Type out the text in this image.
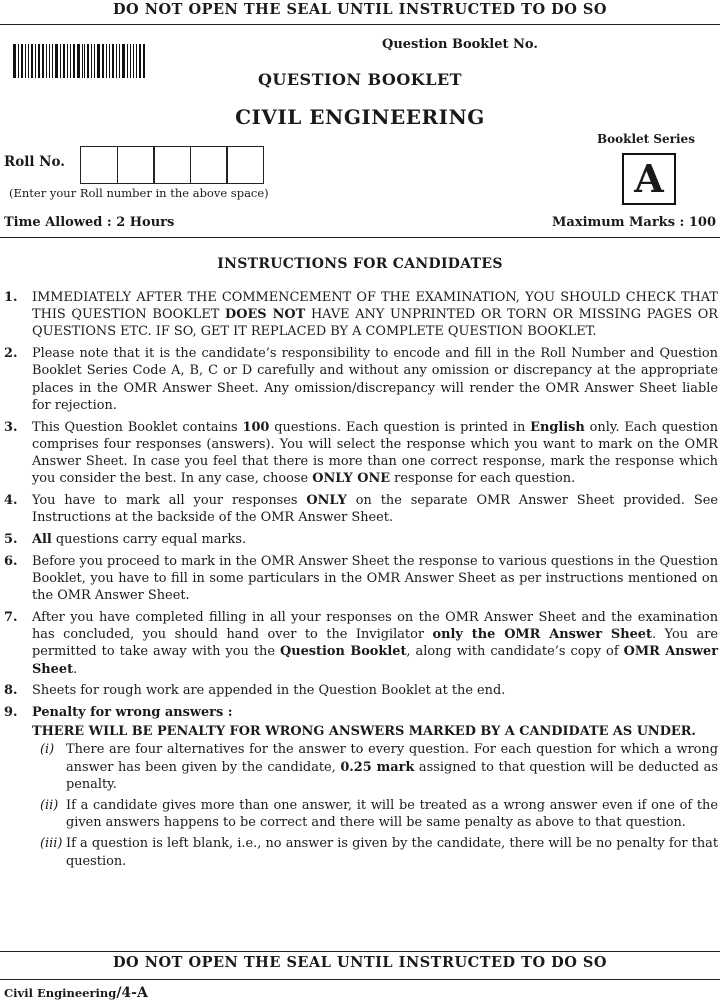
DO NOT OPEN THE SEAL UNTIL INSTRUCTED TO DO SO
Question Booklet No.
QUESTION BOOKLET
CIVIL ENGINEERING
Booklet Series
A
Roll No.
(Enter your Roll number in the above space)
Time Allowed : 2 Hours	Maximum Marks : 100
INSTRUCTIONS FOR CANDIDATES
1. IMMEDIATELY AFTER THE COMMENCEMENT OF THE EXAMINATION, YOU SHOULD CHECK THAT THIS QUESTION BOOKLET DOES NOT HAVE ANY UNPRINTED OR TORN OR MISSING PAGES OR QUESTIONS ETC. IF SO, GET IT REPLACED BY A COMPLETE QUESTION BOOKLET.
2. Please note that it is the candidate’s responsibility to encode and fill in the Roll Number and Question Booklet Series Code A, B, C or D carefully and without any omission or discrepancy at the appropriate places in the OMR Answer Sheet. Any omission/discrepancy will render the OMR Answer Sheet liable for rejection.
3. This Question Booklet contains 100 questions. Each question is printed in English only. Each question comprises four responses (answers). You will select the response which you want to mark on the OMR Answer Sheet. In case you feel that there is more than one correct response, mark the response which you consider the best. In any case, choose ONLY ONE response for each question.
4. You have to mark all your responses ONLY on the separate OMR Answer Sheet provided. See Instructions at the backside of the OMR Answer Sheet.
5. All questions carry equal marks.
6. Before you proceed to mark in the OMR Answer Sheet the response to various questions in the Question Booklet, you have to fill in some particulars in the OMR Answer Sheet as per instructions mentioned on the OMR Answer Sheet.
7. After you have completed filling in all your responses on the OMR Answer Sheet and the examination has concluded, you should hand over to the Invigilator only the OMR Answer Sheet. You are permitted to take away with you the Question Booklet, along with candidate’s copy of OMR Answer Sheet.
8. Sheets for rough work are appended in the Question Booklet at the end.
9. Penalty for wrong answers :
THERE WILL BE PENALTY FOR WRONG ANSWERS MARKED BY A CANDIDATE AS UNDER.
(i) There are four alternatives for the answer to every question. For each question for which a wrong answer has been given by the candidate, 0.25 mark assigned to that question will be deducted as penalty.
(ii) If a candidate gives more than one answer, it will be treated as a wrong answer even if one of the given answers happens to be correct and there will be same penalty as above to that question.
(iii) If a question is left blank, i.e., no answer is given by the candidate, there will be no penalty for that question.
DO NOT OPEN THE SEAL UNTIL INSTRUCTED TO DO SO
Civil Engineering/4-A
